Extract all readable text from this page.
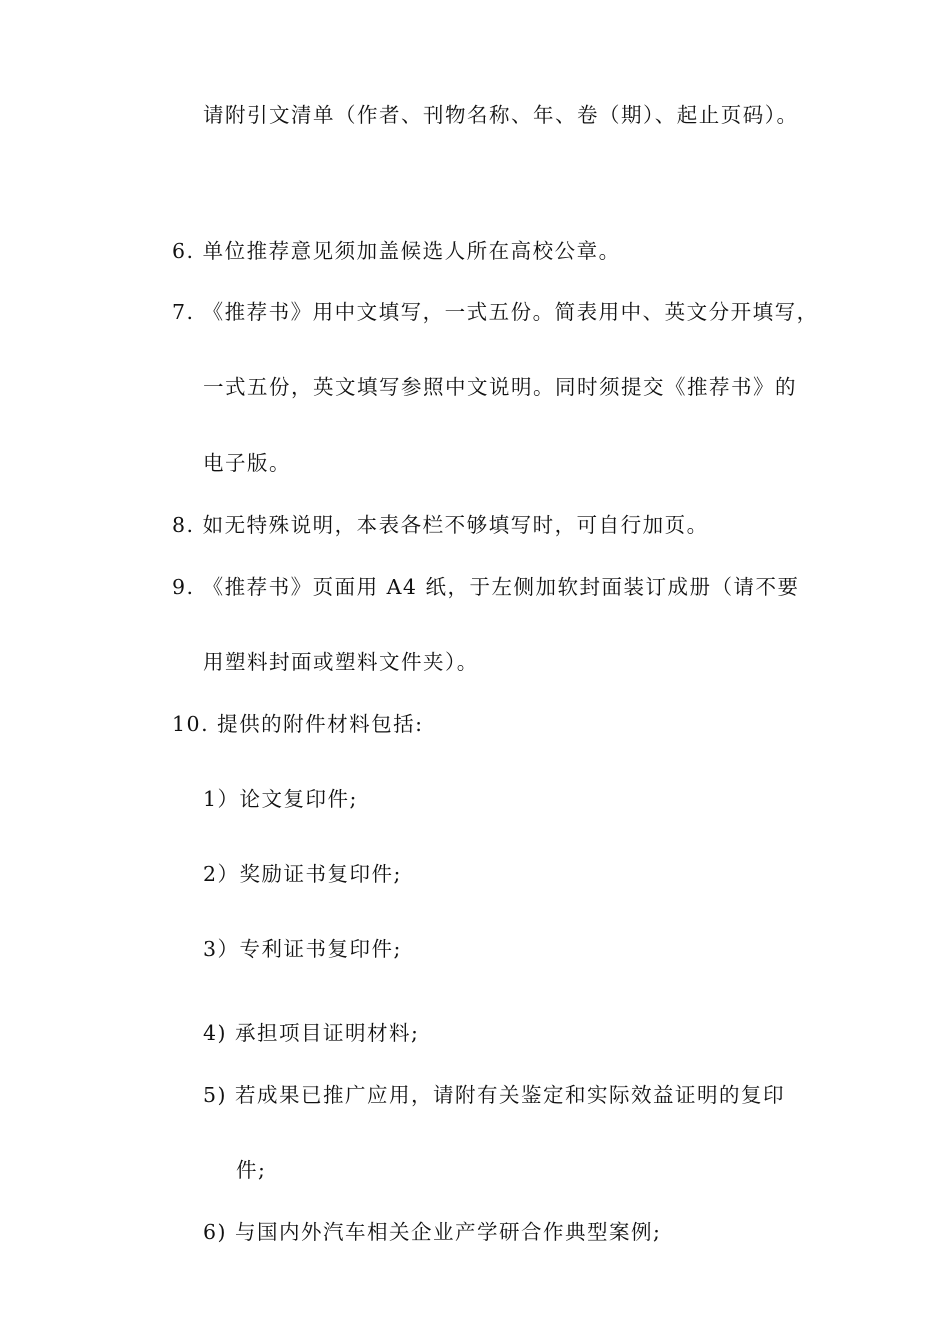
请附引文清单（作者、刊物名称、年、卷（期）、起止页码）。
6. 单位推荐意见须加盖候选人所在高校公章。
7. 《推荐书》用中文填写，一式五份。简表用中、英文分开填写，
一式五份，英文填写参照中文说明。同时须提交《推荐书》的
电子版。
8. 如无特殊说明，本表各栏不够填写时，可自行加页。
9. 《推荐书》页面用 A4 纸，于左侧加软封面装订成册（请不要
用塑料封面或塑料文件夹）。
10. 提供的附件材料包括:
1）论文复印件;
2）奖励证书复印件;
3）专利证书复印件;
4) 承担项目证明材料;
5) 若成果已推广应用，请附有关鉴定和实际效益证明的复印
件;
6) 与国内外汽车相关企业产学研合作典型案例;
